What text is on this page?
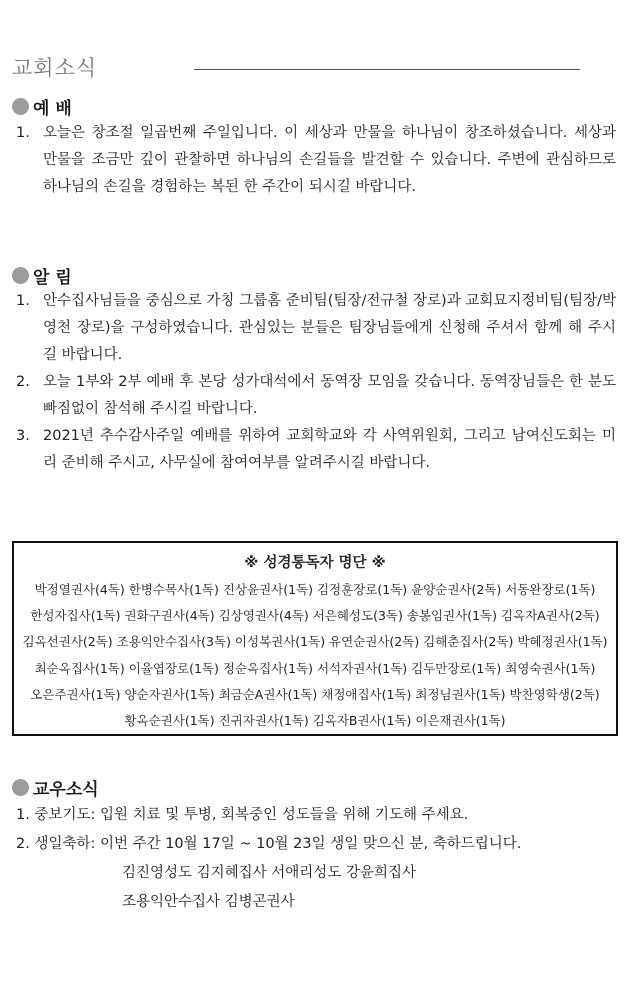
교회소식
예 배
1. 오늘은 창조절 일곱번째 주일입니다. 이 세상과 만물을 하나님이 창조하셨습니다. 세상과 만물을 조금만 깊이 관찰하면 하나님의 손길들을 발견할 수 있습니다. 주변에 관심하므로 하나님의 손길을 경험하는 복된 한 주간이 되시길 바랍니다.
알 림
1. 안수집사님들을 중심으로 가칭 그룹홈 준비팀(팀장/전규철 장로)과 교회묘지정비팀(팀장/박영천 장로)을 구성하였습니다. 관심있는 분들은 팀장님들에게 신청해 주셔서 함께 해 주시길 바랍니다.
2. 오늘 1부와 2부 예배 후 본당 성가대석에서 동역장 모임을 갖습니다. 동역장님들은 한 분도 빠짐없이 참석해 주시길 바랍니다.
3. 2021년 추수감사주일 예배를 위하여 교회학교와 각 사역위원회, 그리고 남여신도회는 미리 준비해 주시고, 사무실에 참여여부를 알려주시길 바랍니다.
※ 성경통독자 명단 ※
박정열권사(4독) 한병수목사(1독) 진상윤권사(1독) 김정훈장로(1독) 윤양순권사(2독) 서동완장로(1독)
한성자집사(1독) 권화구권사(4독) 김상영권사(4독) 서은혜성도(3독) 송봉임권사(1독) 김옥자A권사(2독)
김옥선권사(2독) 조용익안수집사(3독) 이성복권사(1독) 유연순권사(2독) 김해춘집사(2독) 박혜정권사(1독)
최순옥집사(1독) 이율엽장로(1독) 정순옥집사(1독) 서석자권사(1독) 김두만장로(1독) 최영숙권사(1독)
오은주권사(1독) 양순자권사(1독) 최금순A권사(1독) 채정애집사(1독) 최정님권사(1독) 박찬영학생(2독)
황옥순권사(1독) 진귀자권사(1독) 김옥자B권사(1독) 이은재권사(1독)
교우소식
1. 중보기도: 입원 치료 및 투병, 회복중인 성도들을 위해 기도해 주세요.
2. 생일축하: 이번 주간 10월 17일 ~ 10월 23일 생일 맞으신 분, 축하드립니다.
김진영성도 김지혜집사 서애리성도 강윤희집사
조용익안수집사 김병곤권사
